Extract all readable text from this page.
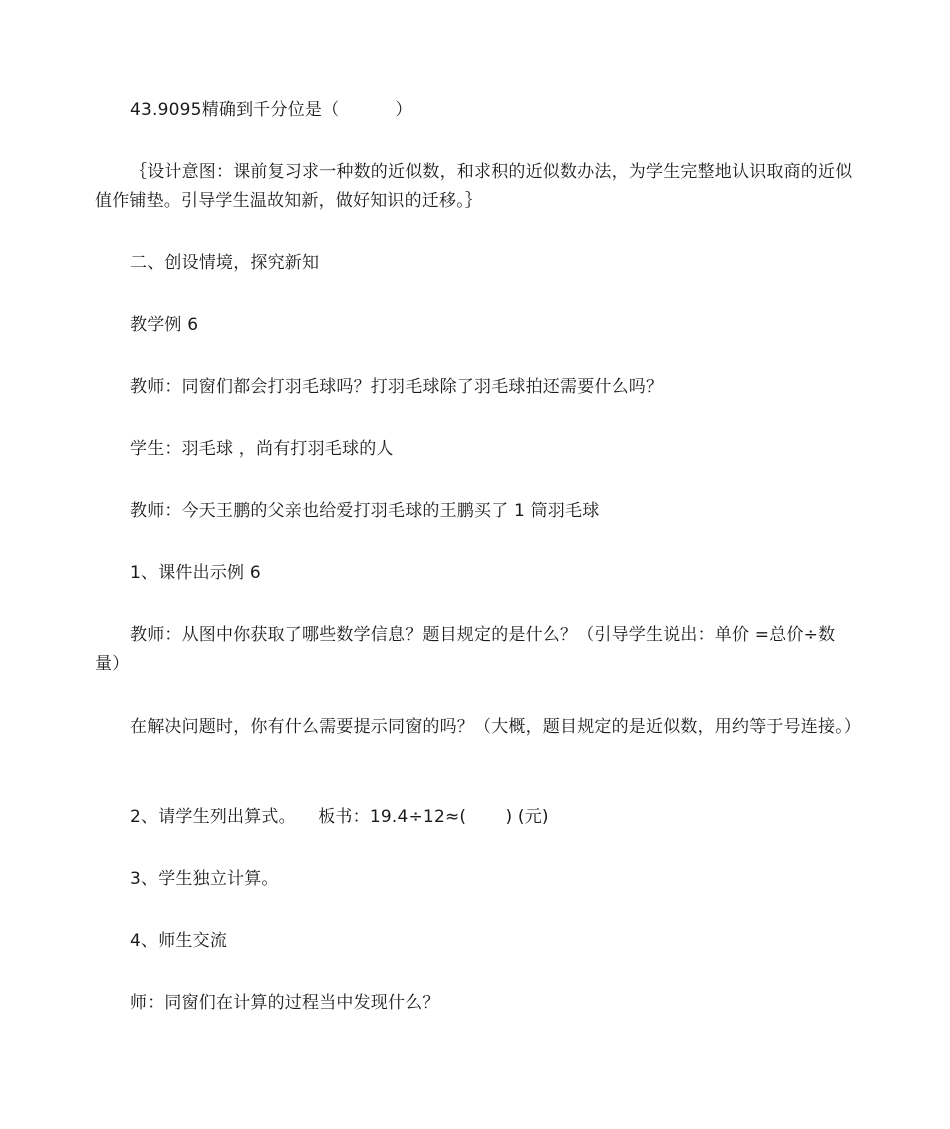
43.9095精确到千分位是（          ）

｛设计意图：课前复习求一种数的近似数，和求积的近似数办法，为学生完整地认识取商的近似值作铺垫。引导学生温故知新，做好知识的迁移。｝

二、创设情境，探究新知

教学例 6

教师：同窗们都会打羽毛球吗？打羽毛球除了羽毛球拍还需要什么吗？

学生：羽毛球 ，尚有打羽毛球的人

教师：今天王鹏的父亲也给爱打羽毛球的王鹏买了 1 筒羽毛球

1、课件出示例 6

教师：从图中你获取了哪些数学信息？题目规定的是什么？（引导学生说出：单价 =总价÷数量）

在解决问题时，你有什么需要提示同窗的吗？（大概，题目规定的是近似数，用约等于号连接。）

2、请学生列出算式。    板书：19.4÷12≈(       ) (元)

3、学生独立计算。

4、师生交流

师：同窗们在计算的过程当中发现什么？
